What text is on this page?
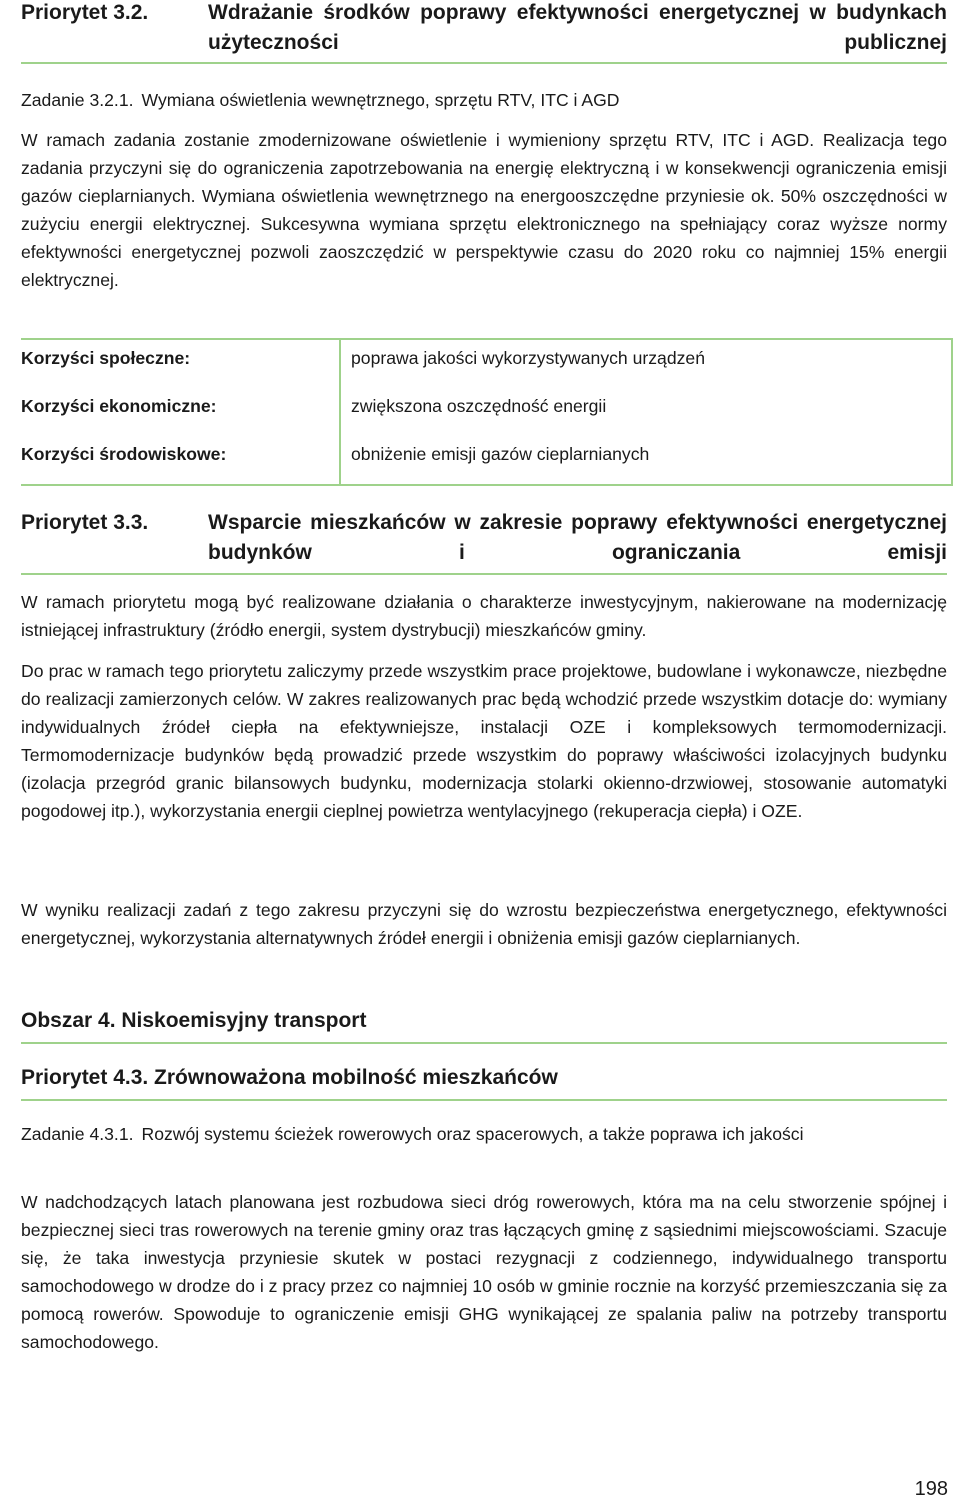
Priorytet 3.2.	Wdrażanie środków poprawy efektywności energetycznej w budynkach użyteczności publicznej
Zadanie 3.2.1. Wymiana oświetlenia wewnętrznego, sprzętu RTV, ITC i AGD

W ramach zadania zostanie zmodernizowane oświetlenie i wymieniony sprzętu RTV, ITC i AGD. Realizacja tego zadania przyczyni się do ograniczenia zapotrzebowania na energię elektryczną i w konsekwencji ograniczenia emisji gazów cieplarnianych. Wymiana oświetlenia wewnętrznego na energooszczędne przyniesie ok. 50% oszczędności w zużyciu energii elektrycznej. Sukcesywna wymiana sprzętu elektronicznego na spełniający coraz wyższe normy efektywności energetycznej pozwoli zaoszczędzić w perspektywie czasu do 2020 roku co najmniej 15% energii elektrycznej.

Korzyści społeczne:	poprawa jakości wykorzystywanych urządzeń
Korzyści ekonomiczne:	zwiększona oszczędność energii
Korzyści środowiskowe:	obniżenie emisji gazów cieplarnianych
Priorytet 3.3.	Wsparcie mieszkańców w zakresie poprawy efektywności energetycznej budynków i ograniczania emisji

W ramach priorytetu mogą być realizowane działania o charakterze inwestycyjnym, nakierowane na modernizację istniejącej infrastruktury (źródło energii, system dystrybucji) mieszkańców gminy.

Do prac w ramach tego priorytetu zaliczymy przede wszystkim prace projektowe, budowlane i wykonawcze, niezbędne do realizacji zamierzonych celów. W zakres realizowanych prac będą wchodzić przede wszystkim dotacje do: wymiany indywidualnych źródeł ciepła na efektywniejsze, instalacji OZE i kompleksowych termomodernizacji. Termomodernizacje budynków będą prowadzić przede wszystkim do poprawy właściwości izolacyjnych budynku (izolacja przegród granic bilansowych budynku, modernizacja stolarki okienno-drzwiowej, stosowanie automatyki pogodowej itp.), wykorzystania energii cieplnej powietrza wentylacyjnego (rekuperacja ciepła) i OZE.

W wyniku realizacji zadań z tego zakresu przyczyni się do wzrostu bezpieczeństwa energetycznego, efektywności energetycznej, wykorzystania alternatywnych źródeł energii i obniżenia emisji gazów cieplarnianych.

Obszar 4. Niskoemisyjny transport
Priorytet 4.3. Zrównoważona mobilność mieszkańców
Zadanie 4.3.1. Rozwój systemu ścieżek rowerowych oraz spacerowych, a także poprawa ich jakości

W nadchodzących latach planowana jest rozbudowa sieci dróg rowerowych, która ma na celu stworzenie spójnej i bezpiecznej sieci tras rowerowych na terenie gminy oraz tras łączących gminę z sąsiednimi miejscowościami. Szacuje się, że taka inwestycja przyniesie skutek w postaci rezygnacji z codziennego, indywidualnego transportu samochodowego w drodze do i z pracy przez co najmniej 10 osób w gminie rocznie na korzyść przemieszczania się za pomocą rowerów. Spowoduje to ograniczenie emisji GHG wynikającej ze spalania paliw na potrzeby transportu samochodowego.

198
